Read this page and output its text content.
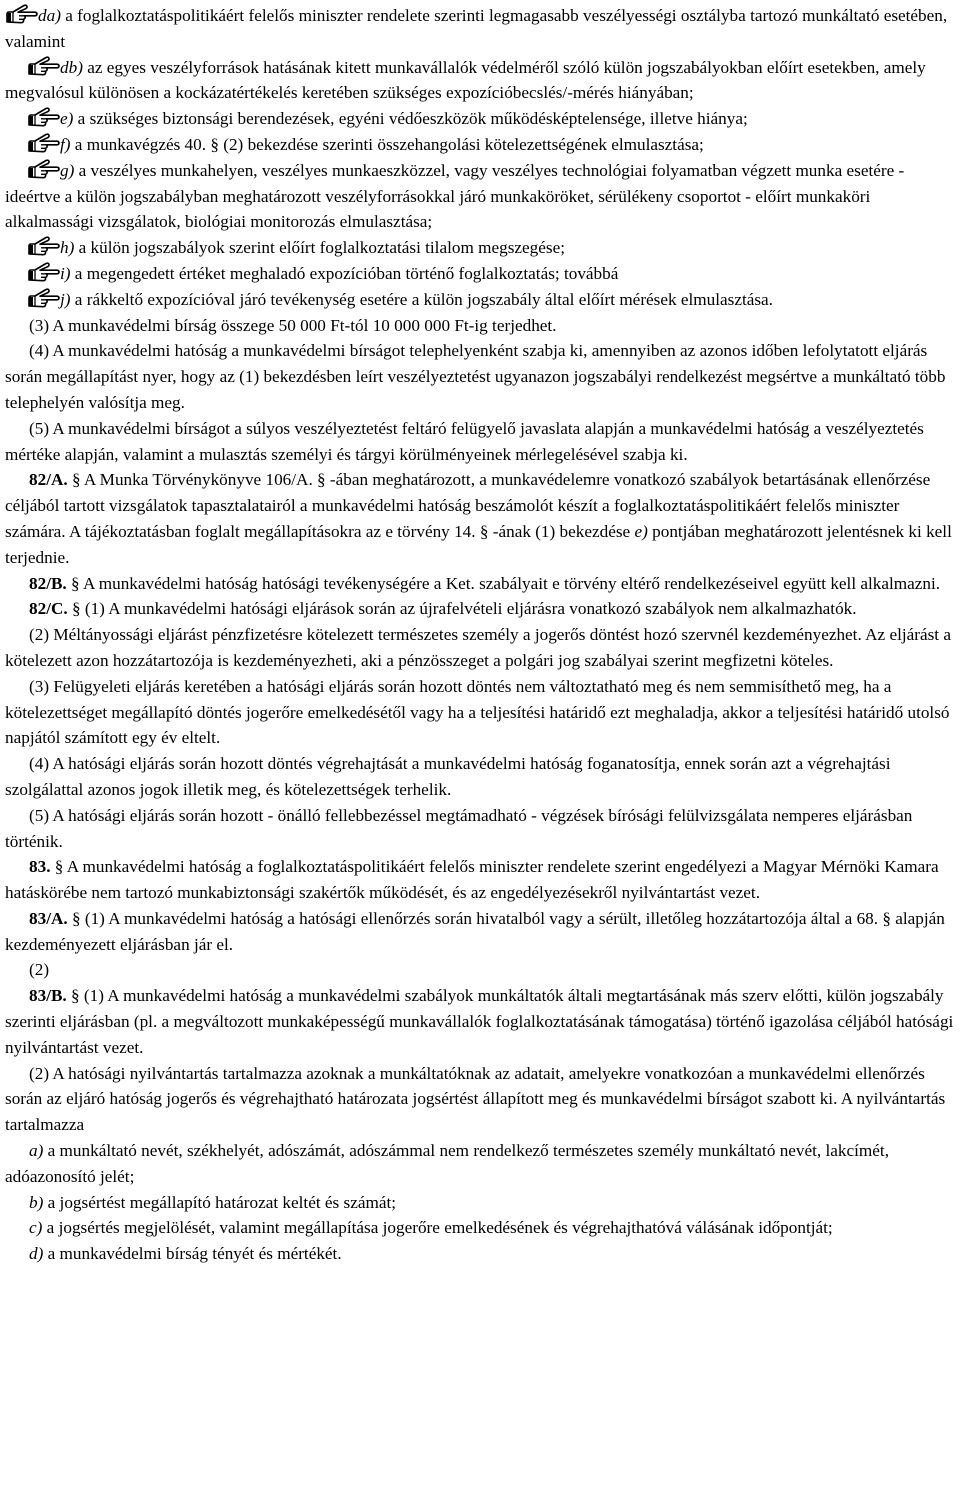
da) a foglalkoztatáspolitikáért felelős miniszter rendelete szerinti legmagasabb veszélyességi osztályba tartozó munkáltató esetében, valamint

db) az egyes veszélyforrások hatásának kitett munkavállalók védelméről szóló külön jogszabályokban előírt esetekben, amely megvalósul különösen a kockázatértékelés keretében szükséges expozícióbecslés/-mérés hiányában;

e) a szükséges biztonsági berendezések, egyéni védőeszközök működésképtelensége, illetve hiánya;

f) a munkavégzés 40. § (2) bekezdése szerinti összehangolási kötelezettségének elmulasztása;

g) a veszélyes munkahelyen, veszélyes munkaeszközzel, vagy veszélyes technológiai folyamatban végzett munka esetére - ideértve a külön jogszabályban meghatározott veszélyforrásokkal járó munkaköröket, sérülékeny csoportot - előírt munkaköri alkalmassági vizsgálatok, biológiai monitorozás elmulasztása;

h) a külön jogszabályok szerint előírt foglalkoztatási tilalom megszegése;

i) a megengedett értéket meghaladó expozícióban történő foglalkoztatás; továbbá

j) a rákkeltő expozícióval járó tevékenység esetére a külön jogszabály által előírt mérések elmulasztása.

(3) A munkavédelmi bírság összege 50 000 Ft-tól 10 000 000 Ft-ig terjedhet.

(4) A munkavédelmi hatóság a munkavédelmi bírságot telephelyenként szabja ki, amennyiben az azonos időben lefolytatott eljárás során megállapítást nyer, hogy az (1) bekezdésben leírt veszélyeztetést ugyanazon jogszabályi rendelkezést megsértve a munkáltató több telephelyén valósítja meg.

(5) A munkavédelmi bírságot a súlyos veszélyeztetést feltáró felügyelő javaslata alapján a munkavédelmi hatóság a veszélyeztetés mértéke alapján, valamint a mulasztás személyi és tárgyi körülményeinek mérlegelésével szabja ki.

82/A. § A Munka Törvénykönyve 106/A. § -ában meghatározott, a munkavédelemre vonatkozó szabályok betartásának ellenőrzése céljából tartott vizsgálatok tapasztalatairól a munkavédelmi hatóság beszámolót készít a foglalkoztatáspolitikáért felelős miniszter számára. A tájékoztatásban foglalt megállapításokra az e törvény 14. § -ának (1) bekezdése e) pontjában meghatározott jelentésnek ki kell terjednie.

82/B. § A munkavédelmi hatóság hatósági tevékenységére a Ket. szabályait e törvény eltérő rendelkezéseivel együtt kell alkalmazni.

82/C. § (1) A munkavédelmi hatósági eljárások során az újrafelvételi eljárásra vonatkozó szabályok nem alkalmazhatók.

(2) Méltányossági eljárást pénzfizetésre kötelezett természetes személy a jogerős döntést hozó szervnél kezdeményezhet. Az eljárást a kötelezett azon hozzátartozója is kezdeményezheti, aki a pénzösszeget a polgári jog szabályai szerint megfizetni köteles.

(3) Felügyeleti eljárás keretében a hatósági eljárás során hozott döntés nem változtatható meg és nem semmisíthető meg, ha a kötelezettséget megállapító döntés jogerőre emelkedésétől vagy ha a teljesítési határidő ezt meghaladja, akkor a teljesítési határidő utolsó napjától számított egy év eltelt.

(4) A hatósági eljárás során hozott döntés végrehajtását a munkavédelmi hatóság foganatosítja, ennek során azt a végrehajtási szolgálattal azonos jogok illetik meg, és kötelezettségek terhelik.

(5) A hatósági eljárás során hozott - önálló fellebbezéssel megtámadható - végzések bírósági felülvizsgálata nemperes eljárásban történik.

83. § A munkavédelmi hatóság a foglalkoztatáspolitikáért felelős miniszter rendelete szerint engedélyezi a Magyar Mérnöki Kamara hatáskörébe nem tartozó munkabiztonsági szakértők működését, és az engedélyezésekről nyilvántartást vezet.

83/A. § (1) A munkavédelmi hatóság a hatósági ellenőrzés során hivatalból vagy a sérült, illetőleg hozzátartozója által a 68. § alapján kezdeményezett eljárásban jár el.

(2)

83/B. § (1) A munkavédelmi hatóság a munkavédelmi szabályok munkáltatók általi megtartásának más szerv előtti, külön jogszabály szerinti eljárásban (pl. a megváltozott munkaképességű munkavállalók foglalkoztatásának támogatása) történő igazolása céljából hatósági nyilvántartást vezet.

(2) A hatósági nyilvántartás tartalmazza azoknak a munkáltatóknak az adatait, amelyekre vonatkozóan a munkavédelmi ellenőrzés során az eljáró hatóság jogerős és végrehajtható határozata jogsértést állapított meg és munkavédelmi bírságot szabott ki. A nyilvántartás tartalmazza

a) a munkáltató nevét, székhelyét, adószámát, adószámmal nem rendelkező természetes személy munkáltató nevét, lakcímét, adóazonosító jelét;

b) a jogsértést megállapító határozat keltét és számát;

c) a jogsértés megjelölését, valamint megállapítása jogerőre emelkedésének és végrehajthatóvá válásának időpontját;

d) a munkavédelmi bírság tényét és mértékét.
